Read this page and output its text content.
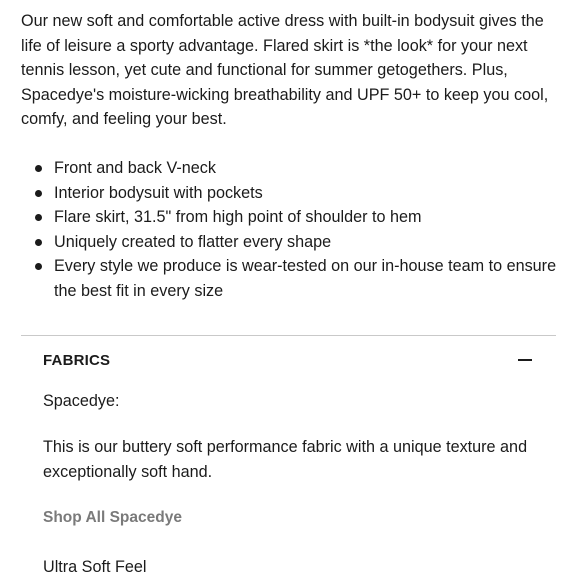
Our new soft and comfortable active dress with built-in bodysuit gives the life of leisure a sporty advantage. Flared skirt is *the look* for your next tennis lesson, yet cute and functional for summer getogethers. Plus, Spacedye's moisture-wicking breathability and UPF 50+ to keep you cool, comfy, and feeling your best.

Front and back V-neck
Interior bodysuit with pockets
Flare skirt, 31.5" from high point of shoulder to hem
Uniquely created to flatter every shape
Every style we produce is wear-tested on our in-house team to ensure the best fit in every size
FABRICS

Spacedye:

This is our buttery soft performance fabric with a unique texture and exceptionally soft hand.

Shop All Spacedye

Ultra Soft Feel
